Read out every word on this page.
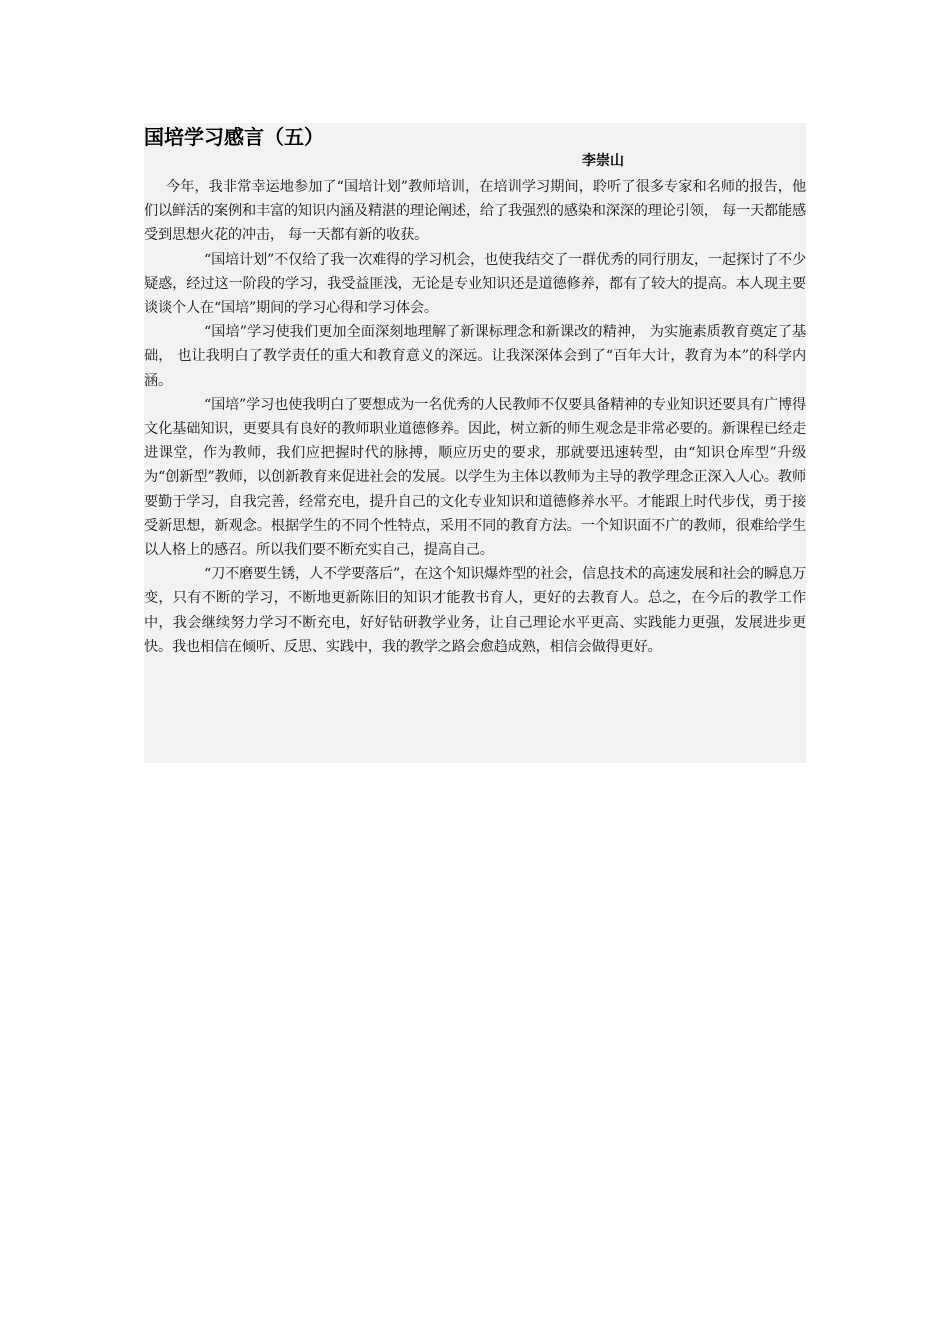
国培学习感言（五）
李崇山

今年，我非常幸运地参加了“国培计划”教师培训，在培训学习期间，聆听了很多专家和名师的报告，他们以鲜活的案例和丰富的知识内涵及精湛的理论阐述，给了我强烈的感染和深深的理论引领， 每一天都能感受到思想火花的冲击， 每一天都有新的收获。

“国培计划”不仅给了我一次难得的学习机会，也使我结交了一群优秀的同行朋友，一起探讨了不少疑惑，经过这一阶段的学习，我受益匪浅，无论是专业知识还是道德修养，都有了较大的提高。本人现主要谈谈个人在“国培”期间的学习心得和学习体会。

“国培”学习使我们更加全面深刻地理解了新课标理念和新课改的精神， 为实施素质教育奠定了基础， 也让我明白了教学责任的重大和教育意义的深远。让我深深体会到了“百年大计，教育为本”的科学内涵。

“国培”学习也使我明白了要想成为一名优秀的人民教师不仅要具备精神的专业知识还要具有广博得文化基础知识，更要具有良好的教师职业道德修养。因此，树立新的师生观念是非常必要的。新课程已经走进课堂，作为教师，我们应把握时代的脉搏，顺应历史的要求，那就要迅速转型，由“知识仓库型”升级为“创新型”教师，以创新教育来促进社会的发展。以学生为主体以教师为主导的教学理念正深入人心。教师要勤于学习，自我完善，经常充电，提升自己的文化专业知识和道德修养水平。才能跟上时代步伐，勇于接受新思想，新观念。根据学生的不同个性特点，采用不同的教育方法。一个知识面不广的教师，很难给学生以人格上的感召。所以我们要不断充实自己，提高自己。

“刀不磨要生锈，人不学要落后”，在这个知识爆炸型的社会，信息技术的高速发展和社会的瞬息万变，只有不断的学习，不断地更新陈旧的知识才能教书育人，更好的去教育人。总之，在今后的教学工作中，我会继续努力学习不断充电，好好钻研教学业务，让自己理论水平更高、实践能力更强，发展进步更快。我也相信在倾听、反思、实践中，我的教学之路会愈趋成熟，相信会做得更好。
